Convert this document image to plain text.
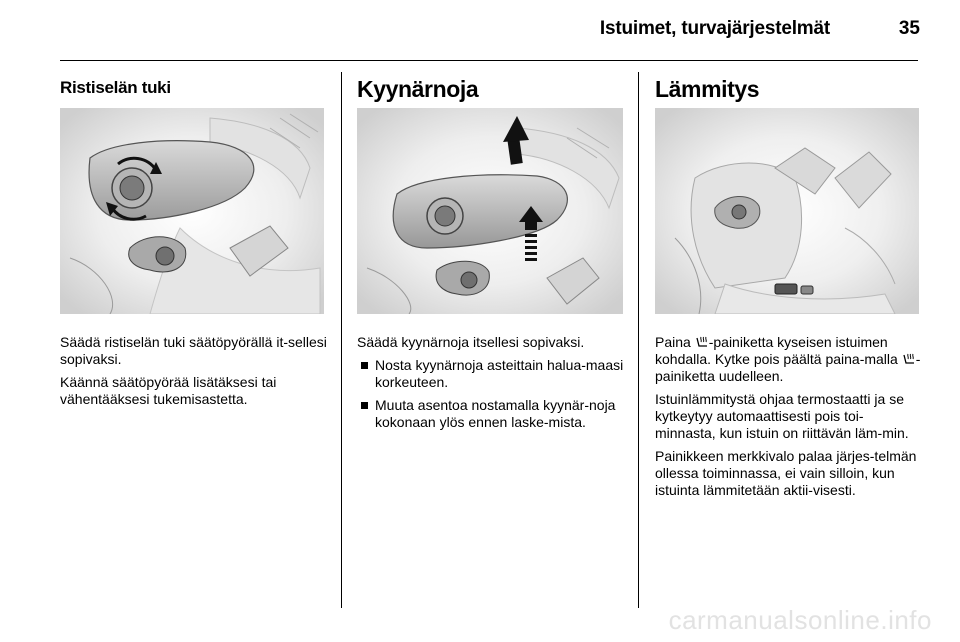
Istuimet, turvajärjestelmät	35
Ristiselän tuki

Säädä ristiselän tuki säätöpyörällä it-sellesi sopivaksi.

Käännä säätöpyörää lisätäksesi tai vähentääksesi tukemisastetta.

Kyynärnoja

Säädä kyynärnoja itsellesi sopivaksi.

Nosta kyynärnoja asteittain halua-maasi korkeuteen.
Muuta asentoa nostamalla kyynär-noja kokonaan ylös ennen laske-mista.
Lämmitys

Paina -painiketta kyseisen istuimen kohdalla. Kytke pois päältä paina-malla -painiketta uudelleen.

Istuinlämmitystä ohjaa termostaatti ja se kytkeytyy automaattisesti pois toi-minnasta, kun istuin on riittävän läm-min.

Painikkeen merkkivalo palaa järjes-telmän ollessa toiminnassa, ei vain silloin, kun istuinta lämmitetään aktii-visesti.

carmanualsonline.info
